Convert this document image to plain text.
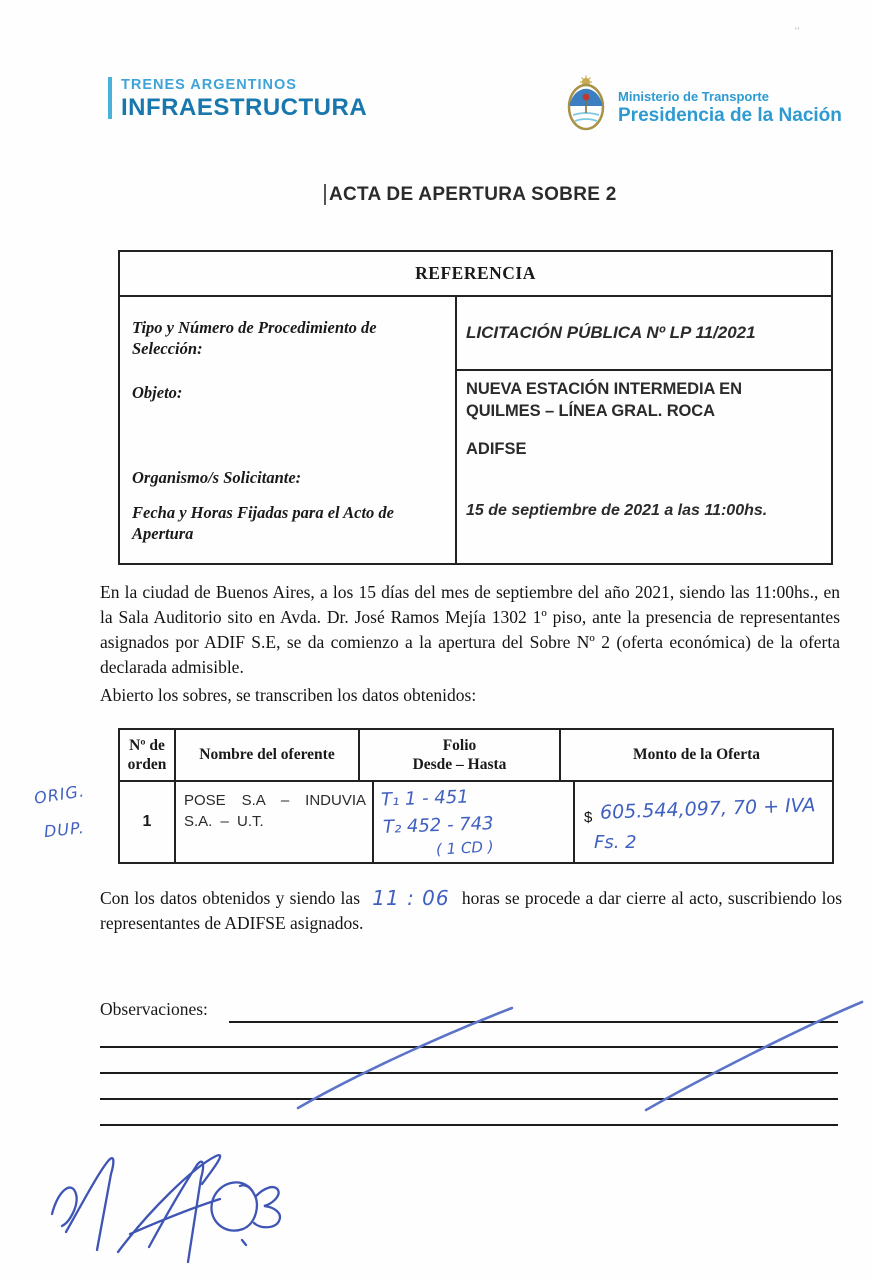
''
TRENES ARGENTINOS
INFRAESTRUCTURA	Ministerio de Transporte
Presidencia de la Nación
ACTA DE APERTURA SOBRE 2
REFERENCIA
Tipo y Número de Procedimiento de Selección:
Objeto:
Organismo/s Solicitante:
Fecha y Horas Fijadas para el Acto de Apertura
LICITACIÓN PÚBLICA Nº LP 11/2021
NUEVA ESTACIÓN INTERMEDIA EN QUILMES – LÍNEA GRAL. ROCA
ADIFSE
15 de septiembre de 2021 a las 11:00hs.
En la ciudad de Buenos Aires, a los 15 días del mes de septiembre del año 2021, siendo las 11:00hs., en la Sala Auditorio sito en Avda. Dr. José Ramos Mejía 1302 1º piso, ante la presencia de representantes asignados por ADIF S.E, se da comienzo a la apertura del Sobre Nº 2 (oferta económica) de la oferta declarada admisible.
Abierto los sobres, se transcriben los datos obtenidos:
ORIG.
DUP.
Nº de
orden
Nombre del oferente
Folio
Desde – Hasta
Monto de la Oferta
1
POSE S.A – INDUVIA S.A. – U.T.
T₁ 1 - 451
T₂ 452 - 743
( 1 CD )
$ 605.544,097, 70 + IVA
Fs. 2
Con los datos obtenidos y siendo las 11 : 06 horas se procede a dar cierre al acto, suscribiendo los representantes de ADIFSE asignados.
Observaciones:
